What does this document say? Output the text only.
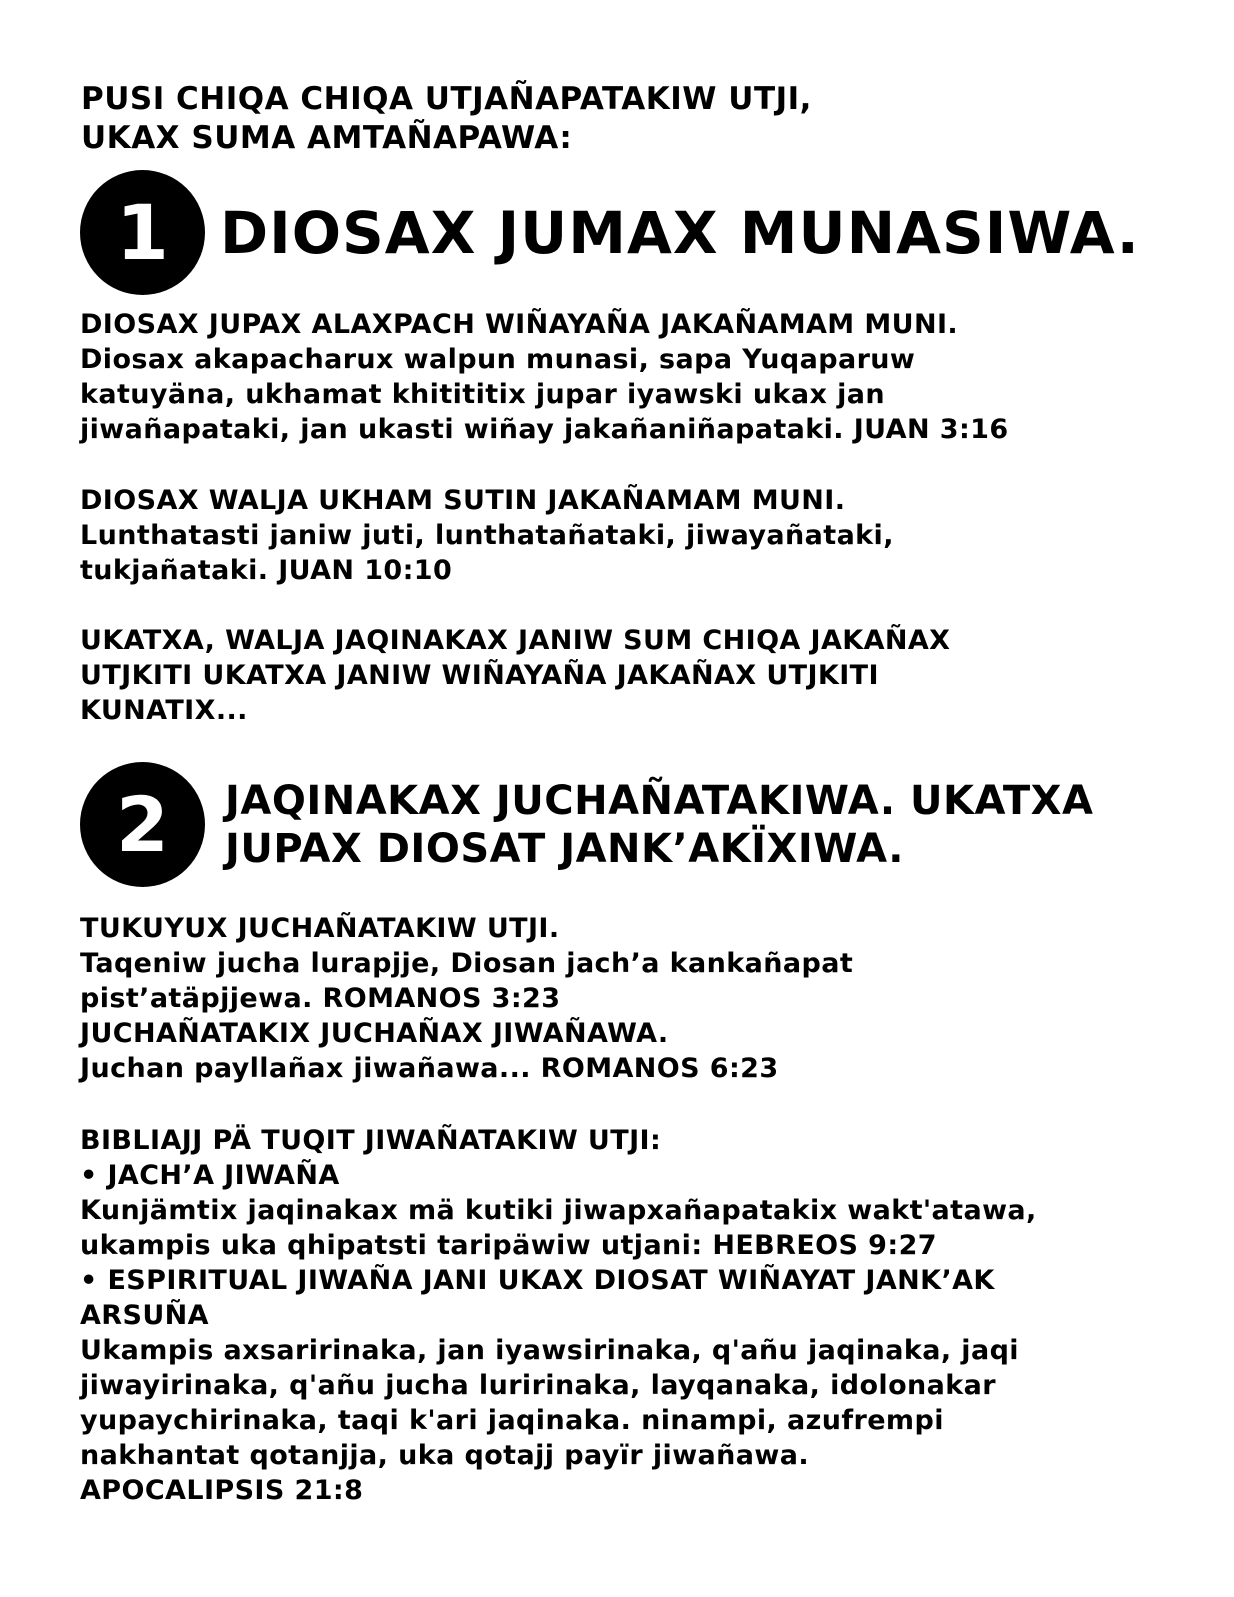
PUSI CHIQA CHIQA UTJAÑAPATAKIW UTJI,
UKAX SUMA AMTAÑAPAWA:
1 DIOSAX JUMAX MUNASIWA.
DIOSAX JUPAX ALAXPACH WIÑAYAÑA JAKAÑAMAM MUNI.
Diosax akapacharux walpun munasi, sapa Yuqaparuw
katuyäna, ukhamat khitititix jupar iyawski ukax jan
jiwañapataki, jan ukasti wiñay jakañaniñapataki. JUAN 3:16
DIOSAX WALJA UKHAM SUTIN JAKAÑAMAM MUNI.
Lunthatasti janiw juti, lunthatañataki, jiwayañataki,
tukjañataki. JUAN 10:10
UKATXA, WALJA JAQINAKAX JANIW SUM CHIQA JAKAÑAX
UTJKITI UKATXA JANIW WIÑAYAÑA JAKAÑAX UTJKITI
KUNATIX...
2	JAQINAKAX JUCHAÑATAKIWA. UKATXA
JUPAX DIOSAT JANK’AKÏXIWA.
TUKUYUX JUCHAÑATAKIW UTJI.
Taqeniw jucha lurapjje, Diosan jach’a kankañapat
pist’atäpjjewa. ROMANOS 3:23
JUCHAÑATAKIX JUCHAÑAX JIWAÑAWA.
Juchan payllañax jiwañawa... ROMANOS 6:23
BIBLIAJJ PÄ TUQIT JIWAÑATAKIW UTJI:
• JACH’A JIWAÑA
Kunjämtix jaqinakax mä kutiki jiwapxañapatakix wakt'atawa,
ukampis uka qhipatsti taripäwiw utjani: HEBREOS 9:27
• ESPIRITUAL JIWAÑA JANI UKAX DIOSAT WIÑAYAT JANK’AK
ARSUÑA
Ukampis axsaririnaka, jan iyawsirinaka, q'añu jaqinaka, jaqi
jiwayirinaka, q'añu jucha luririnaka, layqanaka, idolonakar
yupaychirinaka, taqi k'ari jaqinaka. ninampi, azufrempi
nakhantat qotanjja, uka qotajj payïr jiwañawa.
APOCALIPSIS 21:8
